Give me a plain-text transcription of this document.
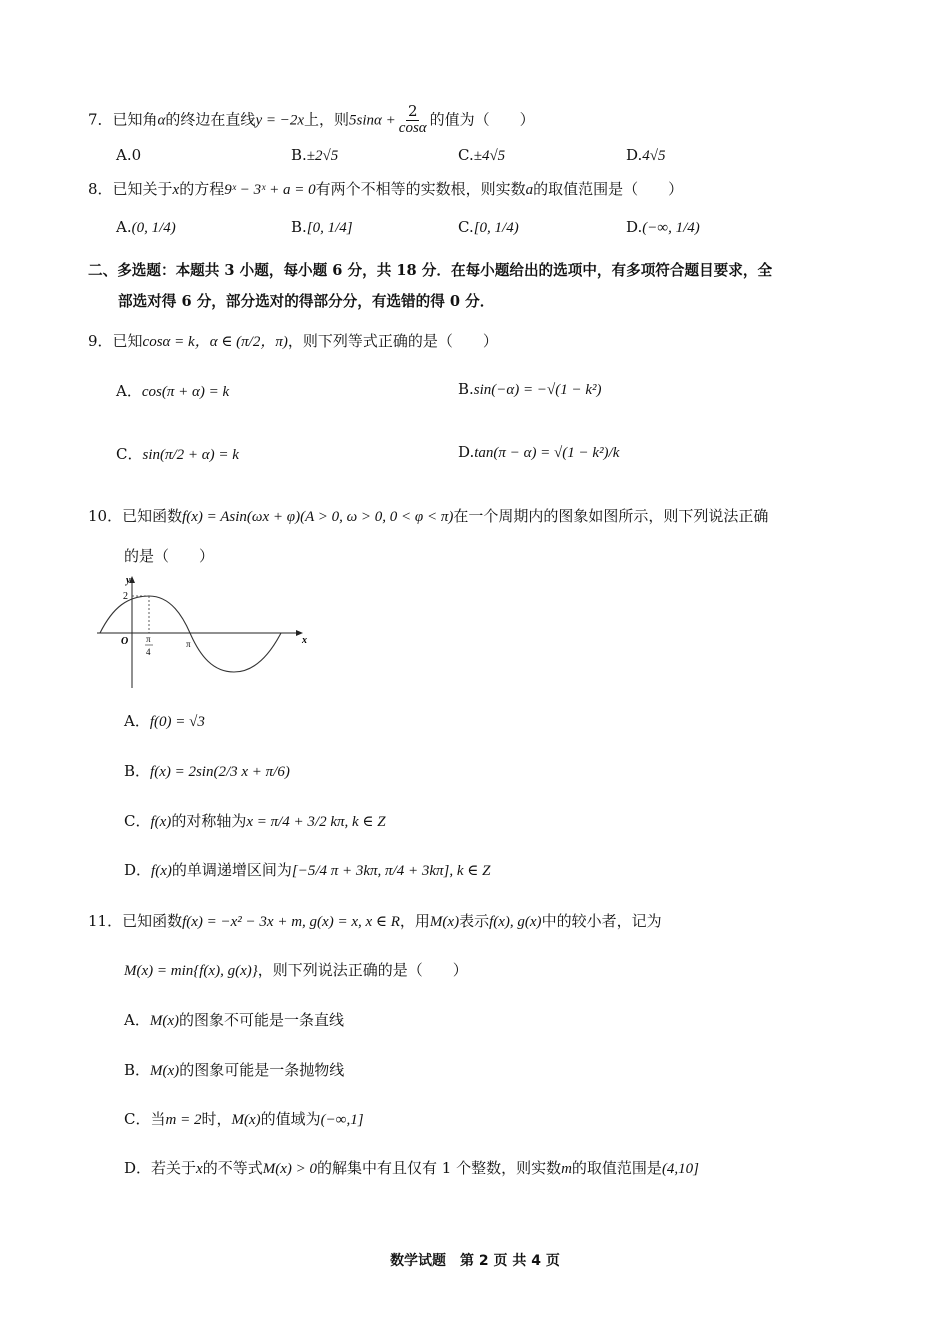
7．已知角α的终边在直线y = −2x上，则$5\sin\alpha + \frac{2}{\cos\alpha}$ 的值为（　　）
A.0	B.±2√5	C.±4√5	D.4√5
8．已知关于x的方程9ˣ − 3ˣ + a = 0有两个不相等的实数根，则实数a的取值范围是（　　）
A.(0, 1/4)	B.[0, 1/4]	C.[0, 1/4)	D.(−∞, 1/4)
二、多选题：本题共 3 小题，每小题 6 分，共 18 分．在每小题给出的选项中，有多项符合题目要求，全
部选对得 6 分，部分选对的得部分分，有选错的得 0 分．
9．已知cosα = k，α ∈ (π/2，π)，则下列等式正确的是（　　）
A．cos(π + α) = k	B.sin(−α) = −√(1 − k²)
C．sin(π/2 + α) = k	D.tan(π − α) = √(1 − k²)/k
10．已知函数f(x) = Asin(ωx + φ)(A > 0, ω > 0, 0 < φ < π)在一个周期内的图象如图所示，则下列说法正确
的是（　　）
y
x
O
2
π
4
π
A．f(0) = √3
B．f(x) = 2sin(2/3 x + π/6)
C．f(x)的对称轴为x = π/4 + 3/2 kπ, k ∈ Z
D．f(x)的单调递增区间为[−5/4 π + 3kπ, π/4 + 3kπ], k ∈ Z
11．已知函数f(x) = −x² − 3x + m, g(x) = x, x ∈ R，用M(x)表示f(x), g(x)中的较小者，记为
M(x) = min{f(x), g(x)}，则下列说法正确的是（　　）
A．M(x)的图象不可能是一条直线
B．M(x)的图象可能是一条抛物线
C．当m = 2时，M(x)的值域为(−∞,1]
D．若关于x的不等式M(x) > 0的解集中有且仅有 1 个整数，则实数m的取值范围是(4,10]
数学试题　第 2 页 共 4 页
